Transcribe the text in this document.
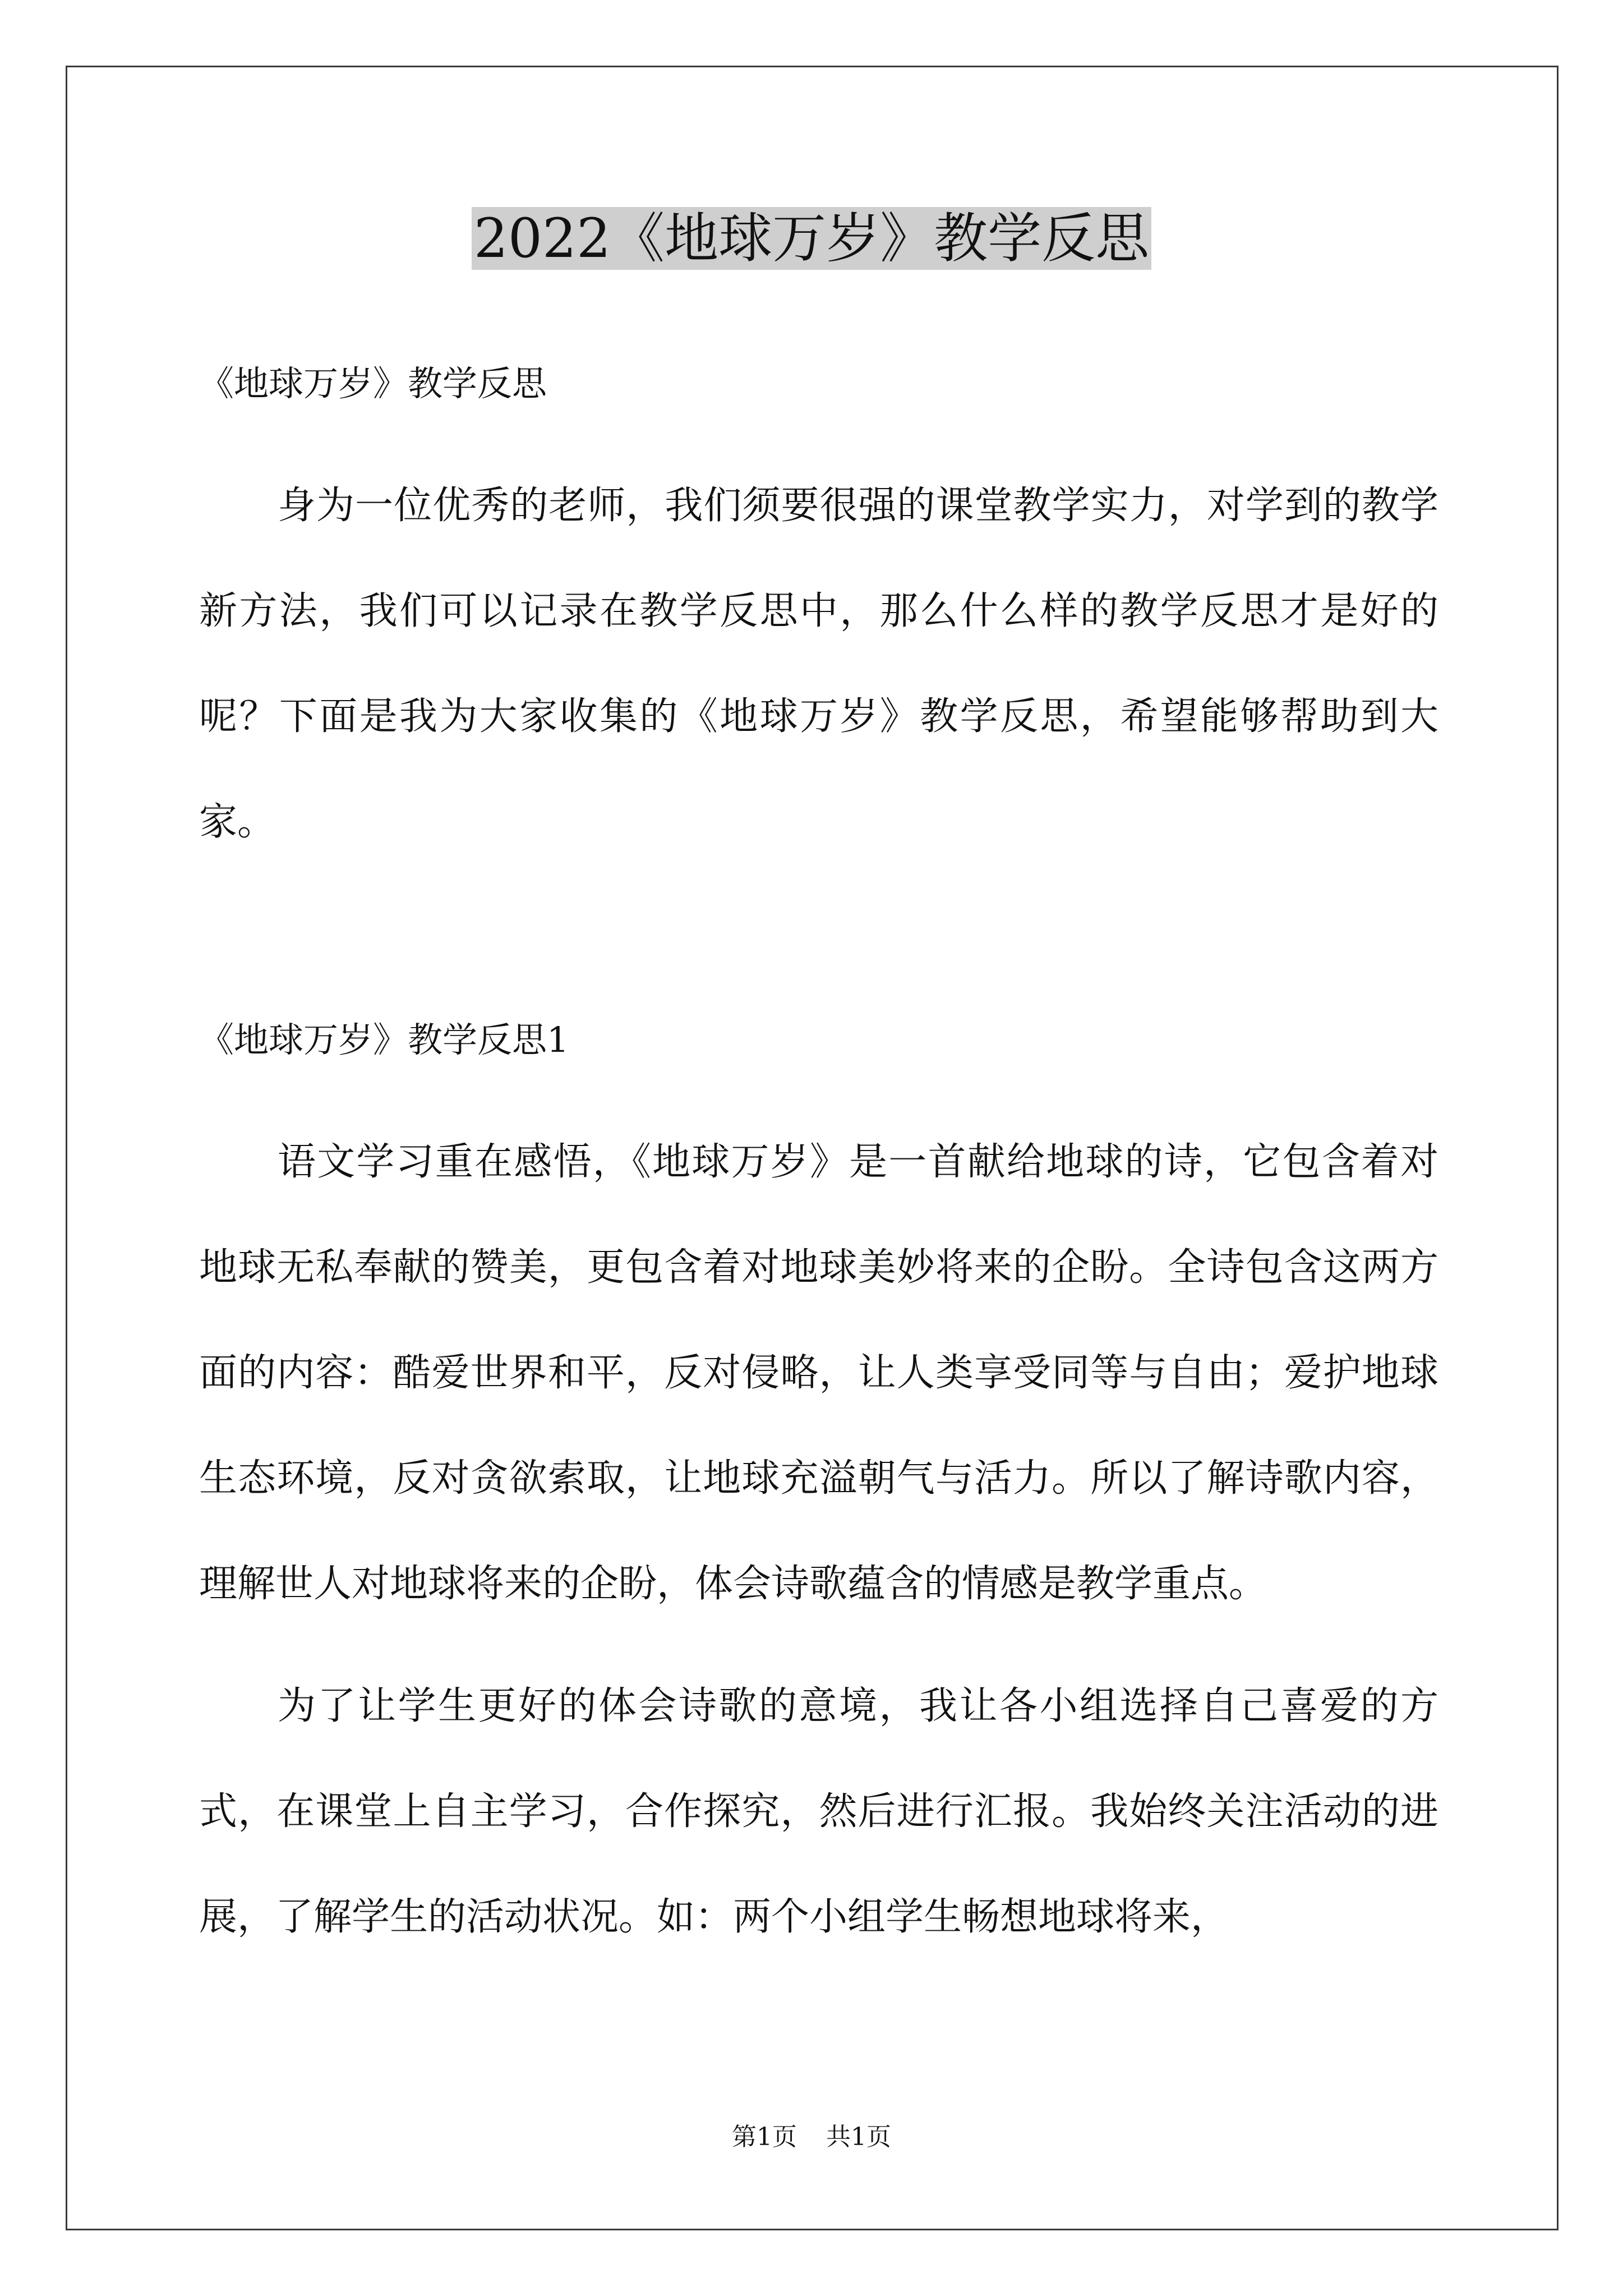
2022《地球万岁》教学反思

《地球万岁》教学反思

身为一位优秀的老师，我们须要很强的课堂教学实力，对学到的教学新方法，我们可以记录在教学反思中，那么什么样的教学反思才是好的呢？下面是我为大家收集的《地球万岁》教学反思，希望能够帮助到大家。

《地球万岁》教学反思1

语文学习重在感悟，《地球万岁》是一首献给地球的诗，它包含着对地球无私奉献的赞美，更包含着对地球美妙将来的企盼。全诗包含这两方面的内容：酷爱世界和平，反对侵略，让人类享受同等与自由；爱护地球生态环境，反对贪欲索取，让地球充溢朝气与活力。所以了解诗歌内容，理解世人对地球将来的企盼，体会诗歌蕴含的情感是教学重点。

为了让学生更好的体会诗歌的意境，我让各小组选择自己喜爱的方式，在课堂上自主学习，合作探究，然后进行汇报。我始终关注活动的进展，了解学生的活动状况。如：两个小组学生畅想地球将来，

第1页 共1页
